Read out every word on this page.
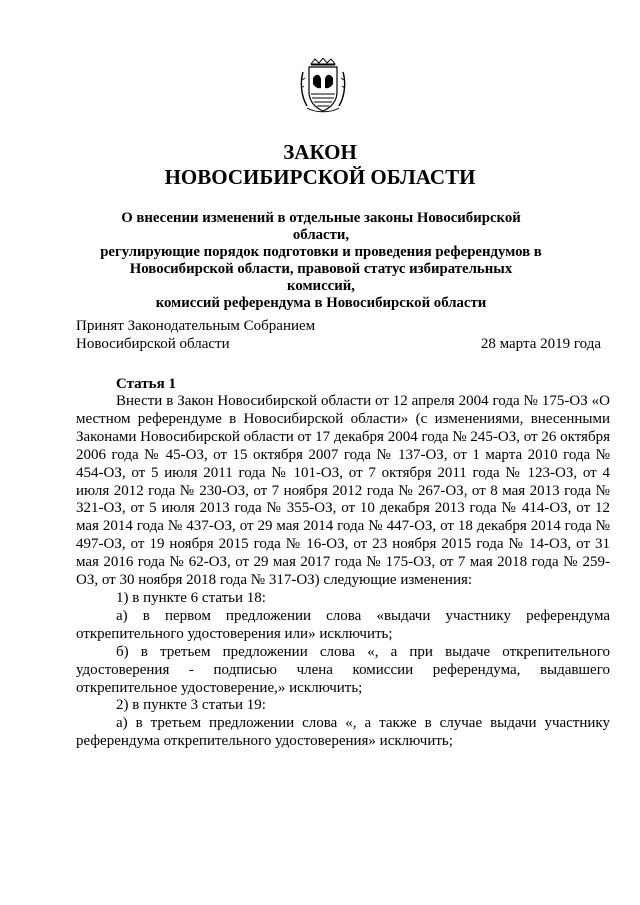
ЗАКОН
НОВОСИБИРСКОЙ ОБЛАСТИ
О внесении изменений в отдельные законы Новосибирской области,
регулирующие порядок подготовки и проведения референдумов в
Новосибирской области, правовой статус избирательных комиссий,
комиссий референдума в Новосибирской области
Принят Законодательным Собранием
Новосибирской области	28 марта 2019 года
Статья 1

Внести в Закон Новосибирской области от 12 апреля 2004 года № 175-ОЗ «О местном референдуме в Новосибирской области» (с изменениями, внесенными Законами Новосибирской области от 17 декабря 2004 года № 245-ОЗ, от 26 октября 2006 года № 45-ОЗ, от 15 октября 2007 года № 137-ОЗ, от 1 марта 2010 года № 454-ОЗ, от 5 июля 2011 года № 101-ОЗ, от 7 октября 2011 года № 123-ОЗ, от 4 июля 2012 года № 230-ОЗ, от 7 ноября 2012 года № 267-ОЗ, от 8 мая 2013 года № 321-ОЗ, от 5 июля 2013 года № 355-ОЗ, от 10 декабря 2013 года № 414-ОЗ, от 12 мая 2014 года № 437-ОЗ, от 29 мая 2014 года № 447-ОЗ, от 18 декабря 2014 года № 497-ОЗ, от 19 ноября 2015 года № 16-ОЗ, от 23 ноября 2015 года № 14-ОЗ, от 31 мая 2016 года № 62-ОЗ, от 29 мая 2017 года № 175-ОЗ, от 7 мая 2018 года № 259-ОЗ, от 30 ноября 2018 года № 317-ОЗ) следующие изменения:

1) в пункте 6 статьи 18:

а) в первом предложении слова «выдачи участнику референдума открепительного удостоверения или» исключить;

б) в третьем предложении слова «, а при выдаче открепительного удостоверения - подписью члена комиссии референдума, выдавшего открепительное удостоверение,» исключить;

2) в пункте 3 статьи 19:

а) в третьем предложении слова «, а также в случае выдачи участнику референдума открепительного удостоверения» исключить;
